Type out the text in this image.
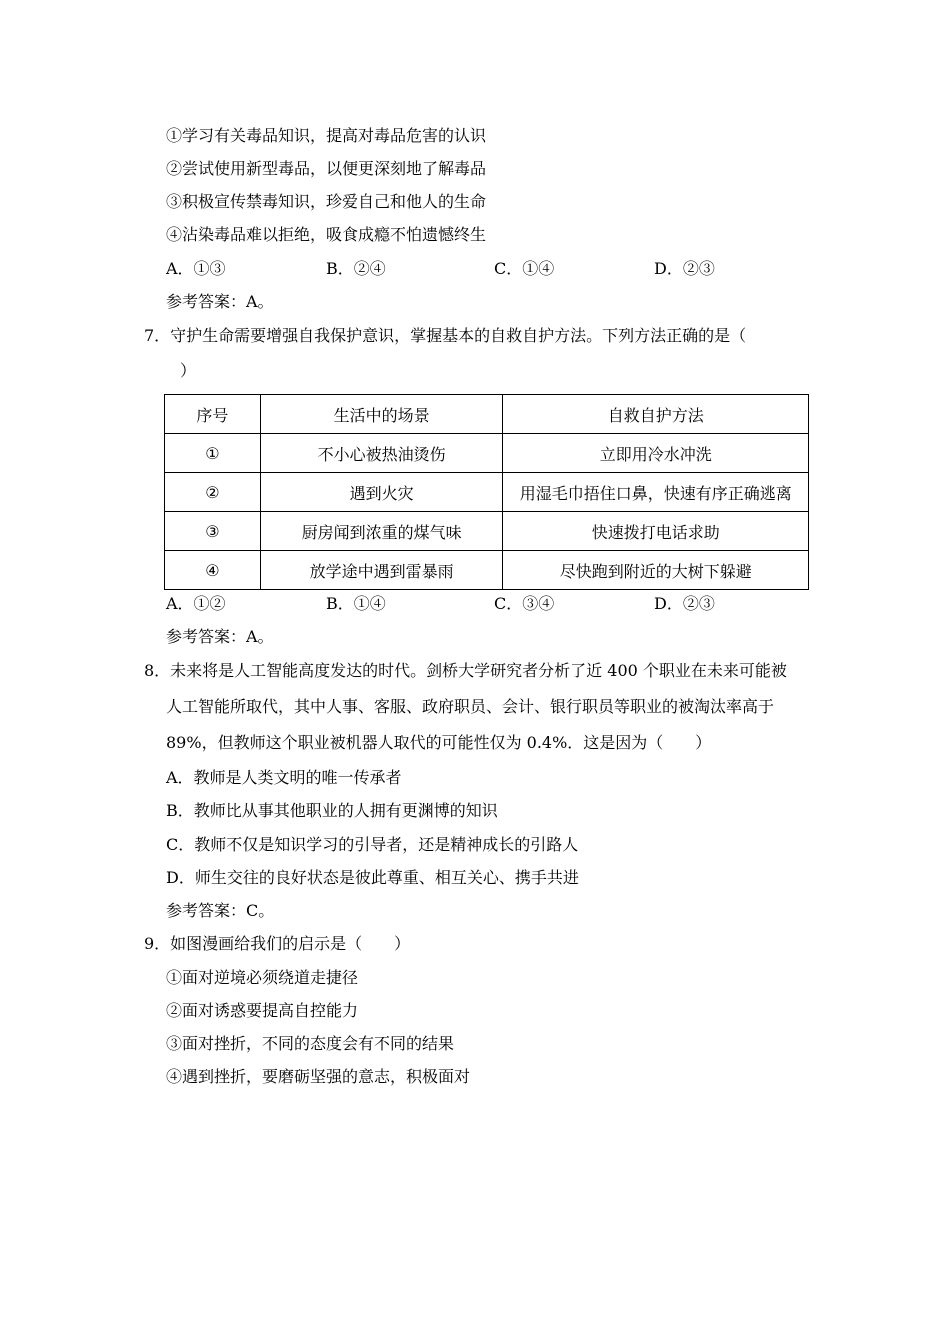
①学习有关毒品知识，提高对毒品危害的认识
②尝试使用新型毒品，以便更深刻地了解毒品
③积极宣传禁毒知识，珍爱自己和他人的生命
④沾染毒品难以拒绝，吸食成瘾不怕遗憾终生
A．①③	B．②④	C．①④	D．②③
参考答案：A。
7．守护生命需要增强自我保护意识，掌握基本的自救自护方法。下列方法正确的是（
）
序号	生活中的场景	自救自护方法
①	不小心被热油烫伤	立即用冷水冲洗
②	遇到火灾	用湿毛巾捂住口鼻，快速有序正确逃离
③	厨房闻到浓重的煤气味	快速拨打电话求助
④	放学途中遇到雷暴雨	尽快跑到附近的大树下躲避
A．①②	B．①④	C．③④	D．②③
参考答案：A。
8．未来将是人工智能高度发达的时代。剑桥大学研究者分析了近 400 个职业在未来可能被
人工智能所取代，其中人事、客服、政府职员、会计、银行职员等职业的被淘汰率高于
89%，但教师这个职业被机器人取代的可能性仅为 0.4%．这是因为（　　）
A．教师是人类文明的唯一传承者
B．教师比从事其他职业的人拥有更渊博的知识
C．教师不仅是知识学习的引导者，还是精神成长的引路人
D．师生交往的良好状态是彼此尊重、相互关心、携手共进
参考答案：C。
9．如图漫画给我们的启示是（　　）
①面对逆境必须绕道走捷径
②面对诱惑要提高自控能力
③面对挫折，不同的态度会有不同的结果
④遇到挫折，要磨砺坚强的意志，积极面对
